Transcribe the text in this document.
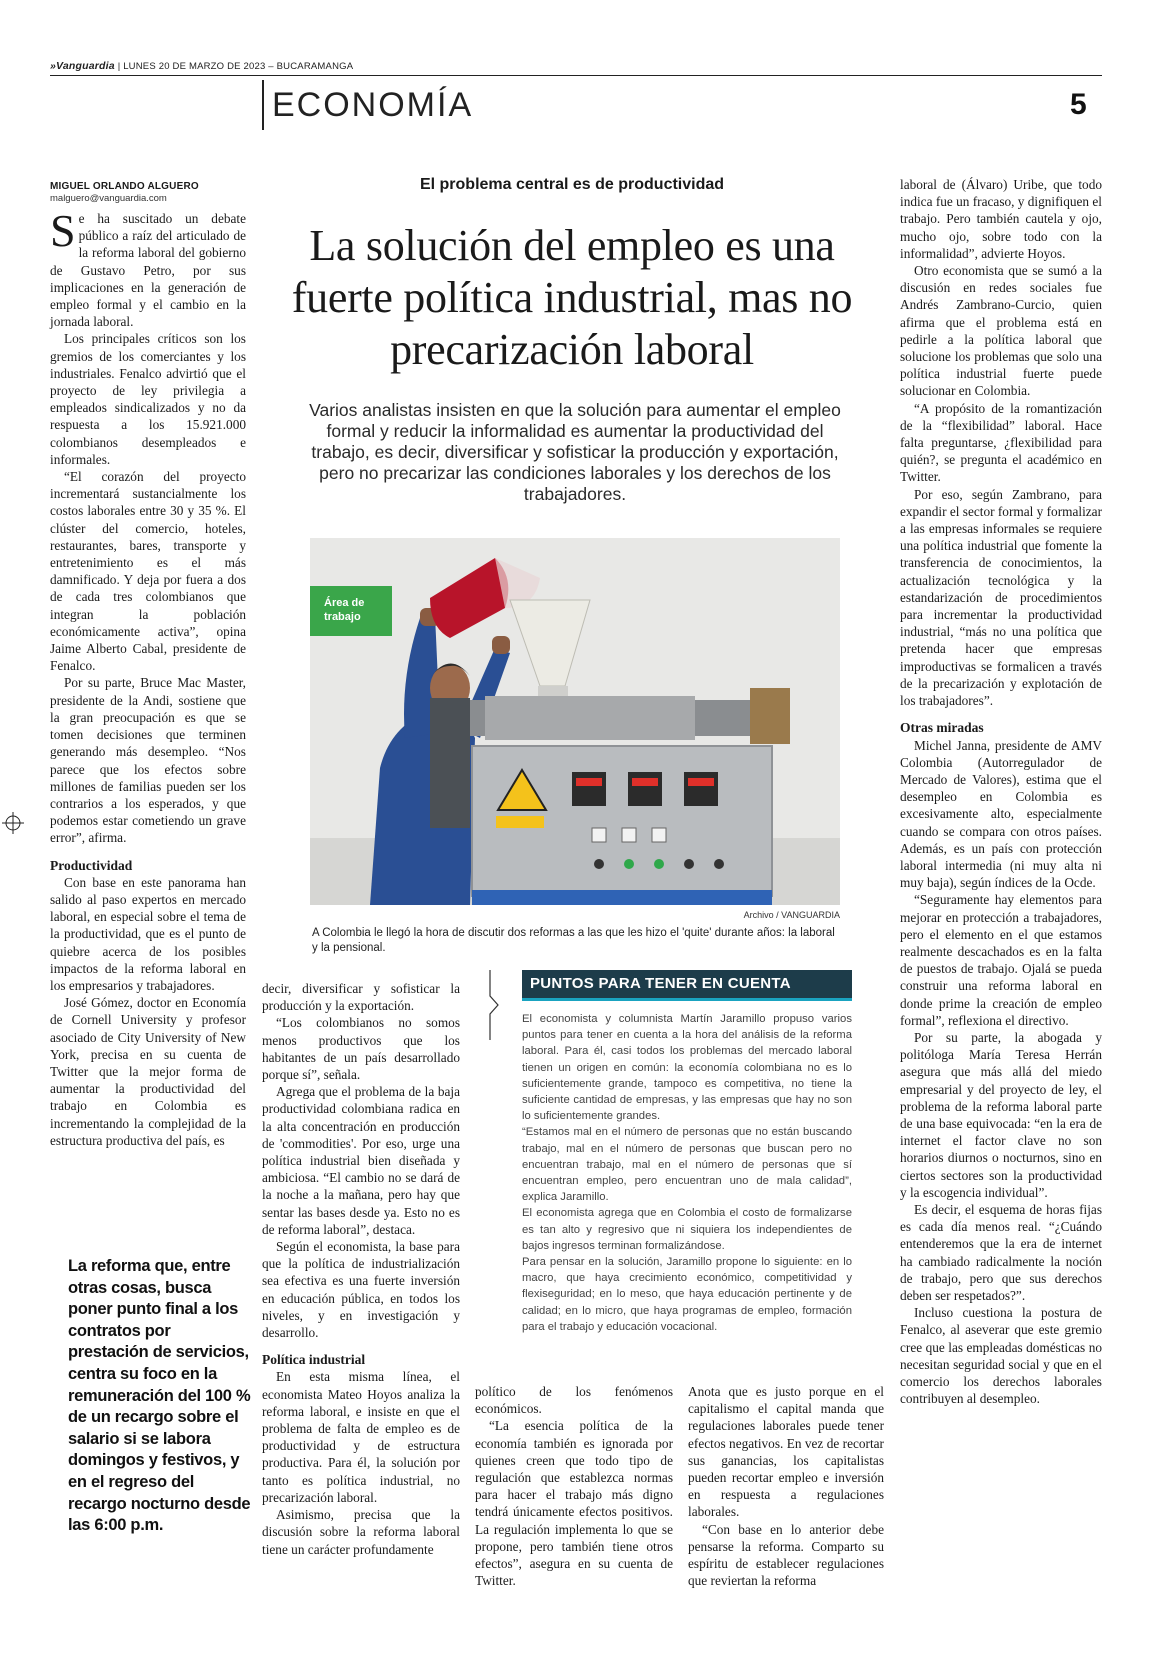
»Vanguardia | LUNES 20 DE MARZO DE 2023 – BUCARAMANGA
ECONOMÍA	5
MIGUEL ORLANDO ALGUERO
malguero@vanguardia.com
El problema central es de productividad
La solución del empleo es una fuerte política industrial, mas no precarización laboral
Varios analistas insisten en que la solución para aumentar el empleo formal y reducir la informalidad es aumentar la productividad del trabajo, es decir, diversificar y sofisticar la producción y exportación, pero no precarizar las condiciones laborales y los derechos de los trabajadores.

Se ha suscitado un debate público a raíz del articulado de la reforma laboral del gobierno de Gustavo Petro, por sus implicaciones en la generación de empleo formal y el cambio en la jornada laboral.

Los principales críticos son los gremios de los comerciantes y los industriales. Fenalco advirtió que el proyecto de ley privilegia a empleados sindicalizados y no da respuesta a los 15.921.000 colombianos desempleados e informales.

“El corazón del proyecto incrementará sustancialmente los costos laborales entre 30 y 35 %. El clúster del comercio, hoteles, restaurantes, bares, transporte y entretenimiento es el más damnificado. Y deja por fuera a dos de cada tres colombianos que integran la población económicamente activa”, opina Jaime Alberto Cabal, presidente de Fenalco.

Por su parte, Bruce Mac Master, presidente de la Andi, sostiene que la gran preocupación es que se tomen decisiones que terminen generando más desempleo. “Nos parece que los efectos sobre millones de familias pueden ser los contrarios a los esperados, y que podemos estar cometiendo un grave error”, afirma.

Productividad

Con base en este panorama han salido al paso expertos en mercado laboral, en especial sobre el tema de la productividad, que es el punto de quiebre acerca de los posibles impactos de la reforma laboral en los empresarios y trabajadores.

José Gómez, doctor en Economía de Cornell University y profesor asociado de City University of New York, precisa en su cuenta de Twitter que la mejor forma de aumentar la productividad del trabajo en Colombia es incrementando la complejidad de la estructura productiva del país, es

La reforma que, entre otras cosas, busca poner punto final a los contratos por prestación de servicios, centra su foco en la remuneración del 100 % de un recargo sobre el salario si se labora domingos y festivos, y en el regreso del recargo nocturno desde las 6:00 p.m.
Área de
trabajo
Archivo / VANGUARDIA
A Colombia le llegó la hora de discutir dos reformas a las que les hizo el 'quite' durante años: la laboral y la pensional.

decir, diversificar y sofisticar la producción y la exportación.

“Los colombianos no somos menos productivos que los habitantes de un país desarrollado porque sí”, señala.

Agrega que el problema de la baja productividad colombiana radica en la alta concentración en producción de 'commodities'. Por eso, urge una política industrial bien diseñada y ambiciosa. “El cambio no se dará de la noche a la mañana, pero hay que sentar las bases desde ya. Esto no es de reforma laboral”, destaca.

Según el economista, la base para que la política de industrialización sea efectiva es una fuerte inversión en educación pública, en todos los niveles, y en investigación y desarrollo.

Política industrial

En esta misma línea, el economista Mateo Hoyos analiza la reforma laboral, e insiste en que el problema de falta de empleo es de productividad y de estructura productiva. Para él, la solución por tanto es política industrial, no precarización laboral.

Asimismo, precisa que la discusión sobre la reforma laboral tiene un carácter profundamente

PUNTOS PARA TENER EN CUENTA

El economista y columnista Martín Jaramillo propuso varios puntos para tener en cuenta a la hora del análisis de la reforma laboral. Para él, casi todos los problemas del mercado laboral tienen un origen en común: la economía colombiana no es lo suficientemente grande, tampoco es competitiva, no tiene la suficiente cantidad de empresas, y las empresas que hay no son lo suficientemente grandes.

“Estamos mal en el número de personas que no están buscando trabajo, mal en el número de personas que buscan pero no encuentran trabajo, mal en el número de personas que sí encuentran empleo, pero encuentran uno de mala calidad”, explica Jaramillo.

El economista agrega que en Colombia el costo de formalizarse es tan alto y regresivo que ni siquiera los independientes de bajos ingresos terminan formalizándose.

Para pensar en la solución, Jaramillo propone lo siguiente: en lo macro, que haya crecimiento económico, competitividad y flexiseguridad; en lo meso, que haya educación pertinente y de calidad; en lo micro, que haya programas de empleo, formación para el trabajo y educación vocacional.

político de los fenómenos económicos.

“La esencia política de la economía también es ignorada por quienes creen que todo tipo de regulación que establezca normas para hacer el trabajo más digno tendrá únicamente efectos positivos. La regulación implementa lo que se propone, pero también tiene otros efectos”, asegura en su cuenta de Twitter.

Anota que es justo porque en el capitalismo el capital manda que regulaciones laborales puede tener efectos negativos. En vez de recortar sus ganancias, los capitalistas pueden recortar empleo e inversión en respuesta a regulaciones laborales.

“Con base en lo anterior debe pensarse la reforma. Comparto su espíritu de establecer regulaciones que reviertan la reforma

laboral de (Álvaro) Uribe, que todo indica fue un fracaso, y dignifiquen el trabajo. Pero también cautela y ojo, mucho ojo, sobre todo con la informalidad”, advierte Hoyos.

Otro economista que se sumó a la discusión en redes sociales fue Andrés Zambrano-Curcio, quien afirma que el problema está en pedirle a la política laboral que solucione los problemas que solo una política industrial fuerte puede solucionar en Colombia.

“A propósito de la romantización de la “flexibilidad” laboral. Hace falta preguntarse, ¿flexibilidad para quién?, se pregunta el académico en Twitter.

Por eso, según Zambrano, para expandir el sector formal y formalizar a las empresas informales se requiere una política industrial que fomente la transferencia de conocimientos, la actualización tecnológica y la estandarización de procedimientos para incrementar la productividad industrial, “más no una política que pretenda hacer que empresas improductivas se formalicen a través de la precarización y explotación de los trabajadores”.

Otras miradas

Michel Janna, presidente de AMV Colombia (Autorregulador de Mercado de Valores), estima que el desempleo en Colombia es excesivamente alto, especialmente cuando se compara con otros países. Además, es un país con protección laboral intermedia (ni muy alta ni muy baja), según índices de la Ocde.

“Seguramente hay elementos para mejorar en protección a trabajadores, pero el elemento en el que estamos realmente descachados es en la falta de puestos de trabajo. Ojalá se pueda construir una reforma laboral en donde prime la creación de empleo formal”, reflexiona el directivo.

Por su parte, la abogada y politóloga María Teresa Herrán asegura que más allá del miedo empresarial y del proyecto de ley, el problema de la reforma laboral parte de una base equivocada: “en la era de internet el factor clave no son horarios diurnos o nocturnos, sino en ciertos sectores son la productividad y la escogencia individual”.

Es decir, el esquema de horas fijas es cada día menos real. “¿Cuándo entenderemos que la era de internet ha cambiado radicalmente la noción de trabajo, pero que sus derechos deben ser respetados?”.

Incluso cuestiona la postura de Fenalco, al aseverar que este gremio cree que las empleadas domésticas no necesitan seguridad social y que en el comercio los derechos laborales contribuyen al desempleo.
